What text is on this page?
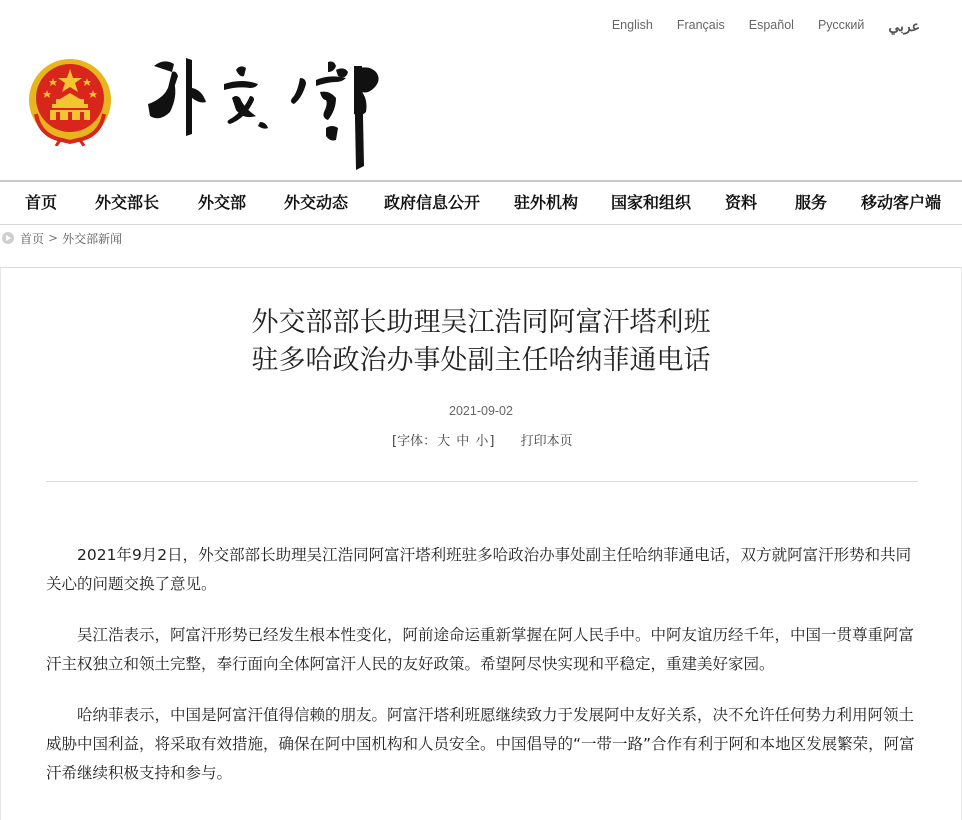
English Français Español Русский عربي
首页 外交部长 外交部 外交动态 政府信息公开 驻外机构 国家和组织 资料 服务 移动客户端
首页 > 外交部新闻
外交部部长助理吴江浩同阿富汗塔利班
驻多哈政治办事处副主任哈纳菲通电话
2021-09-02
[字体：大 中 小] 打印本页

2021年9月2日，外交部部长助理吴江浩同阿富汗塔利班驻多哈政治办事处副主任哈纳菲通电话，双方就阿富汗形势和共同关心的问题交换了意见。

吴江浩表示，阿富汗形势已经发生根本性变化，阿前途命运重新掌握在阿人民手中。中阿友谊历经千年，中国一贯尊重阿富汗主权独立和领土完整，奉行面向全体阿富汗人民的友好政策。希望阿尽快实现和平稳定，重建美好家园。

哈纳菲表示，中国是阿富汗值得信赖的朋友。阿富汗塔利班愿继续致力于发展阿中友好关系，决不允许任何势力利用阿领土威胁中国利益，将采取有效措施，确保在阿中国机构和人员安全。中国倡导的“一带一路”合作有利于阿和本地区发展繁荣，阿富汗希继续积极支持和参与。
